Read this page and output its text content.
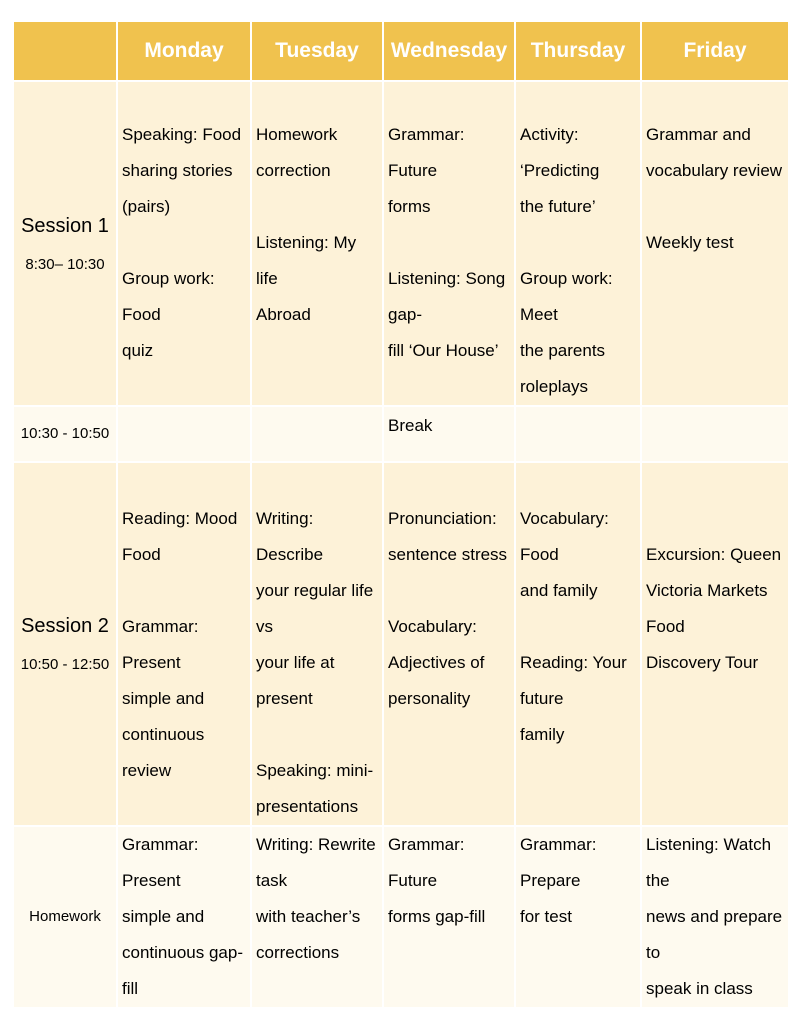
	Monday	Tuesday	Wednesday	Thursday	Friday

Session 1
8:30– 10:30	Speaking: Food
sharing stories (pairs)
Group work: Food
quiz	Homework correction
Listening: My life
Abroad	Grammar: Future
forms
Listening: Song gap-
fill ‘Our House’	Activity: ‘Predicting
the future’
Group work: Meet
the parents
roleplays	Grammar and
vocabulary review
Weekly test

10:30 - 10:50			Break		

Session 2
10:50 - 12:50	Reading: Mood Food
Grammar: Present
simple and
continuous review	Writing: Describe
your regular life vs
your life at present
Speaking: mini-
presentations	Pronunciation:
sentence stress
Vocabulary:
Adjectives of
personality	Vocabulary: Food
and family
Reading: Your future
family	Excursion: Queen
Victoria Markets Food
Discovery Tour

Homework	Grammar: Present
simple and
continuous gap-fill	Writing: Rewrite task
with teacher’s
corrections	Grammar: Future
forms gap-fill	Grammar: Prepare
for test	Listening: Watch the
news and prepare to
speak in class
